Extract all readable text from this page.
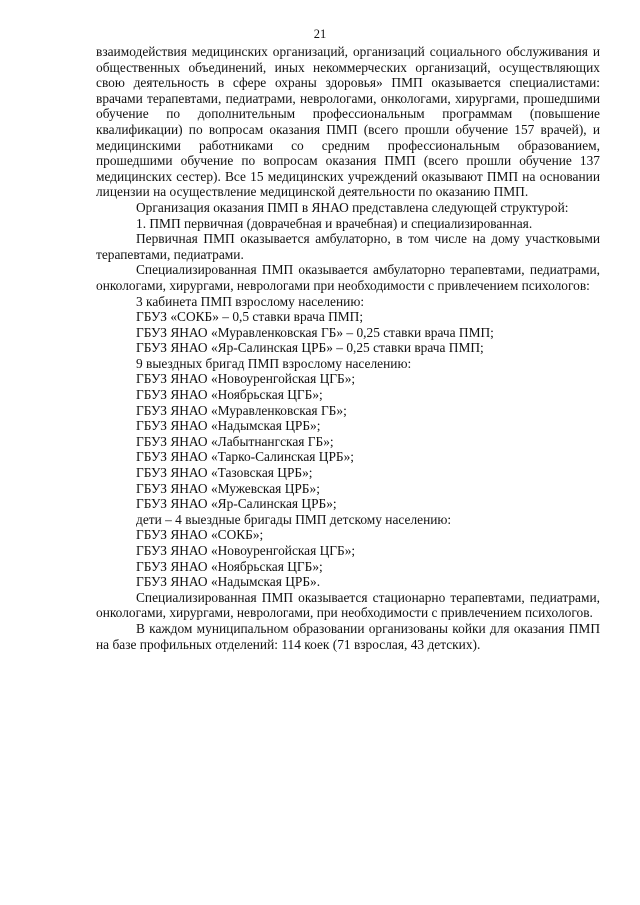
21

взаимодействия медицинских организаций, организаций социального обслуживания и общественных объединений, иных некоммерческих организаций, осуществляющих свою деятельность в сфере охраны здоровья» ПМП оказывается специалистами: врачами терапевтами, педиатрами, неврологами, онкологами, хирургами, прошедшими обучение по дополнительным профессиональным программам (повышение квалификации) по вопросам оказания ПМП (всего прошли обучение 157 врачей), и медицинскими работниками со средним профессиональным образованием, прошедшими обучение по вопросам оказания ПМП (всего прошли обучение 137 медицинских сестер). Все 15 медицинских учреждений оказывают ПМП на основании лицензии на осуществление медицинской деятельности по оказанию ПМП.

Организация оказания ПМП в ЯНАО представлена следующей структурой:

1. ПМП первичная (доврачебная и врачебная) и специализированная.

Первичная ПМП оказывается амбулаторно, в том числе на дому участковыми терапевтами, педиатрами.

Специализированная ПМП оказывается амбулаторно терапевтами, педиатрами, онкологами, хирургами, неврологами при необходимости с привлечением психологов:

3 кабинета ПМП взрослому населению:

ГБУЗ «СОКБ» – 0,5 ставки врача ПМП;

ГБУЗ ЯНАО «Муравленковская ГБ» – 0,25 ставки врача ПМП;

ГБУЗ ЯНАО «Яр-Салинская ЦРБ» – 0,25 ставки врача ПМП;

9 выездных бригад ПМП взрослому населению:

ГБУЗ ЯНАО «Новоуренгойская ЦГБ»;

ГБУЗ ЯНАО «Ноябрьская ЦГБ»;

ГБУЗ ЯНАО «Муравленковская ГБ»;

ГБУЗ ЯНАО «Надымская ЦРБ»;

ГБУЗ ЯНАО «Лабытнангская ГБ»;

ГБУЗ ЯНАО «Тарко-Салинская ЦРБ»;

ГБУЗ ЯНАО «Тазовская ЦРБ»;

ГБУЗ ЯНАО «Мужевская ЦРБ»;

ГБУЗ ЯНАО «Яр-Салинская ЦРБ»;

дети – 4 выездные бригады ПМП детскому населению:

ГБУЗ ЯНАО «СОКБ»;

ГБУЗ ЯНАО «Новоуренгойская ЦГБ»;

ГБУЗ ЯНАО «Ноябрьская ЦГБ»;

ГБУЗ ЯНАО «Надымская ЦРБ».

Специализированная ПМП оказывается стационарно терапевтами, педиатрами, онкологами, хирургами, неврологами, при необходимости с привлечением психологов.

В каждом муниципальном образовании организованы койки для оказания ПМП на базе профильных отделений: 114 коек (71 взрослая, 43 детских).
